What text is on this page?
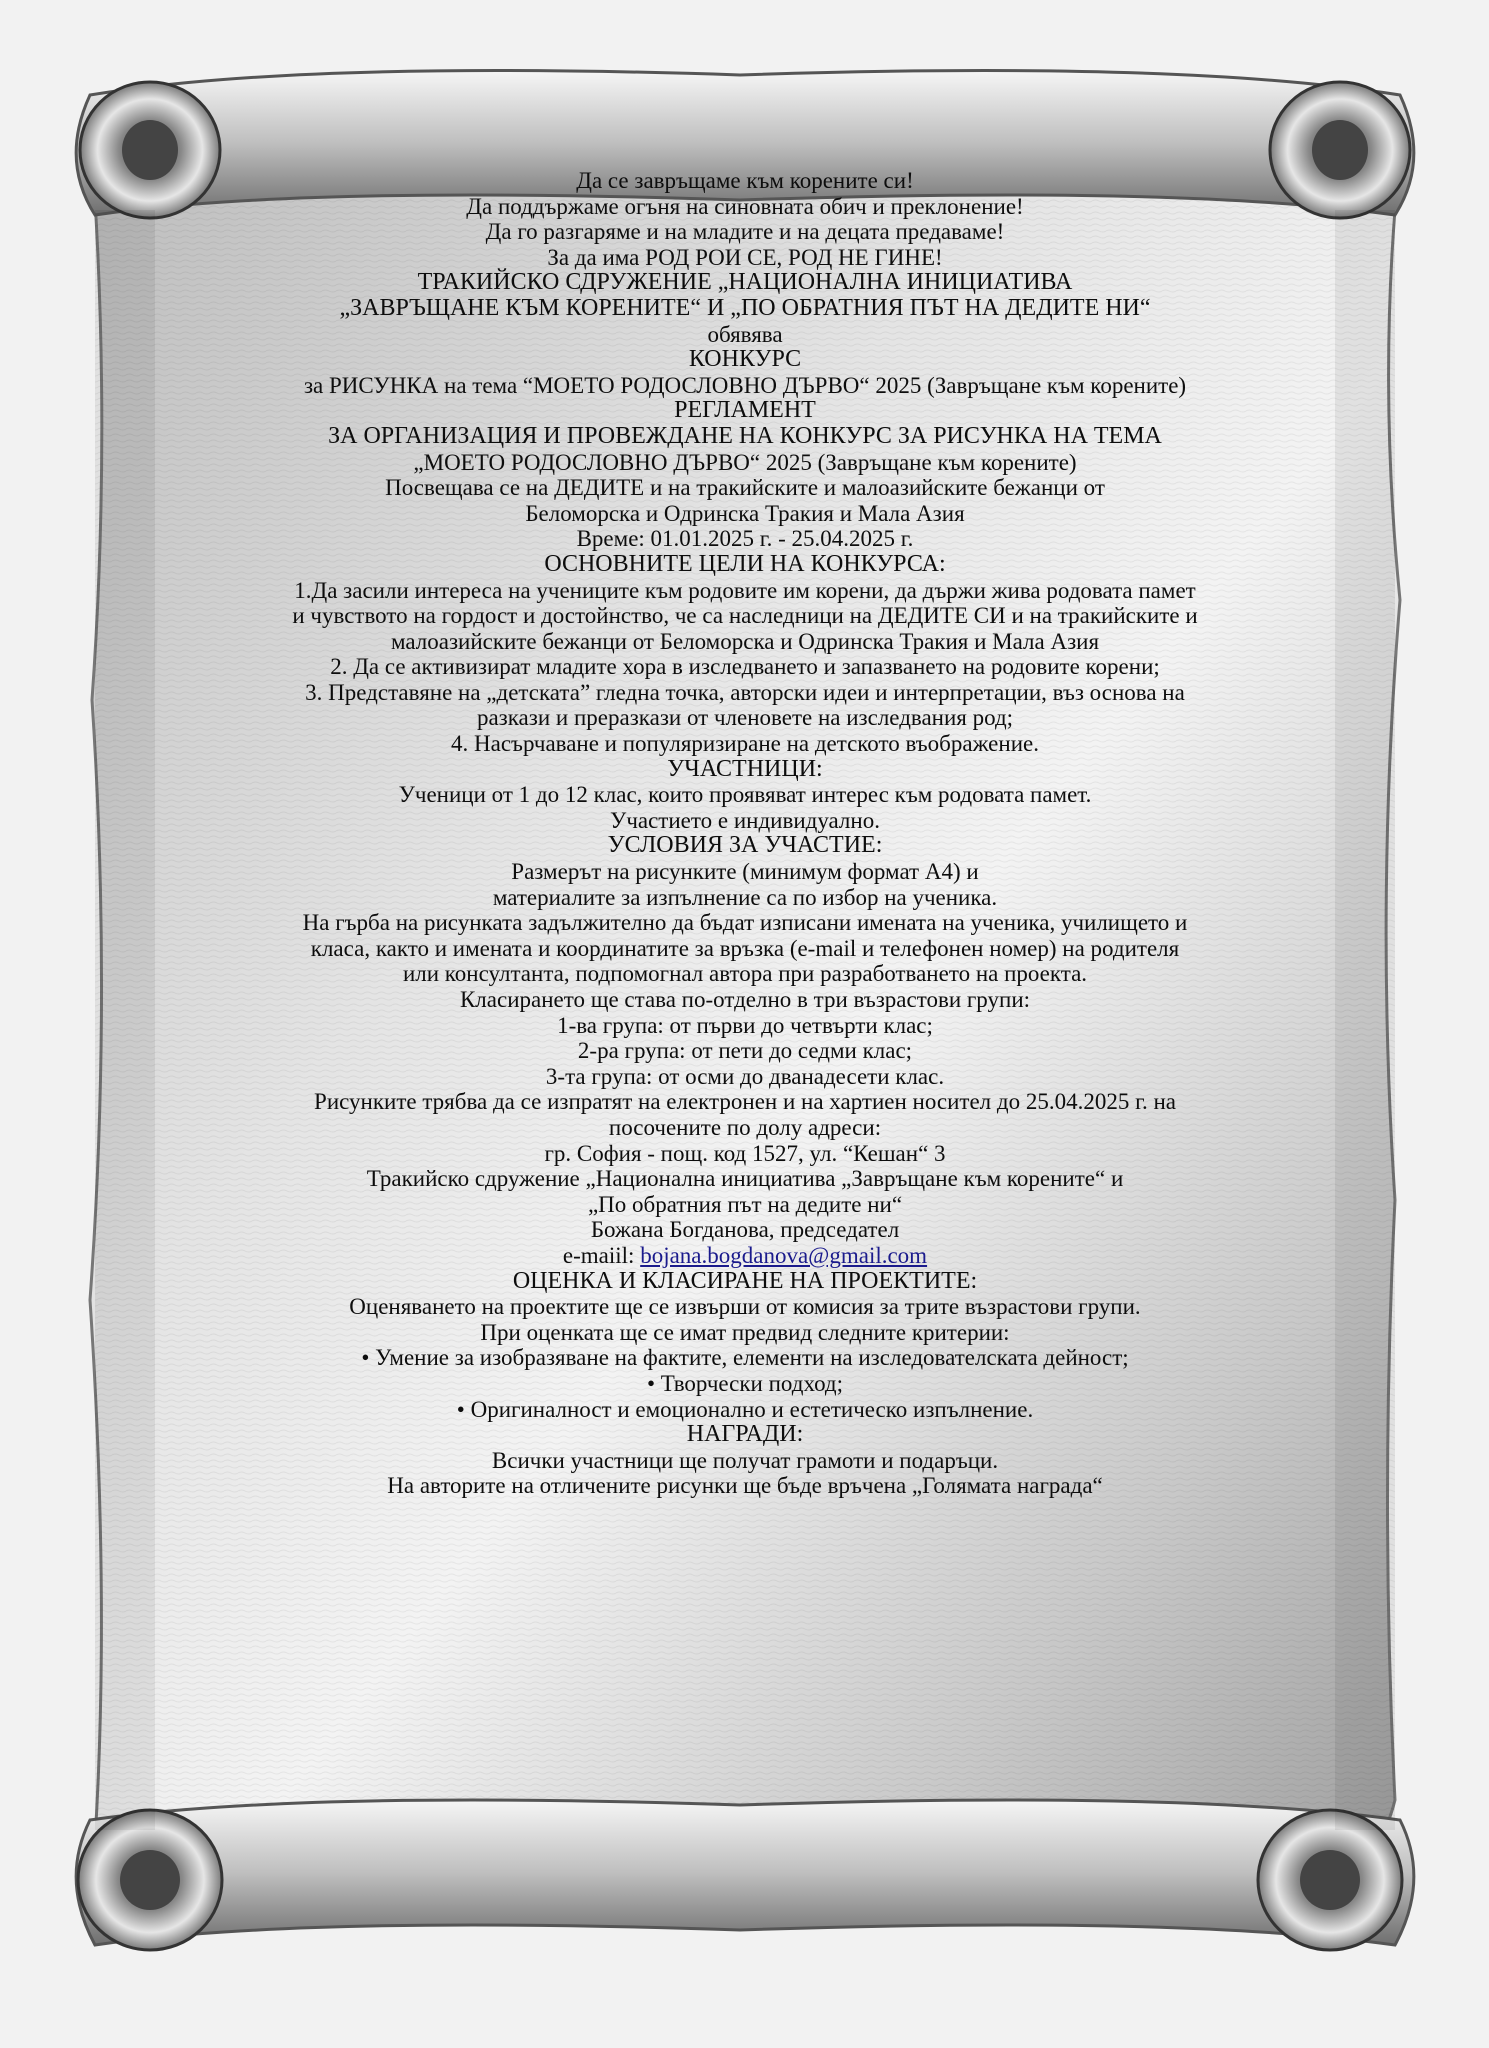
Да се завръщаме към корените си!
Да поддържаме огъня на синовната обич и преклонение!
Да го разгаряме и на младите и на децата предаваме!
За да има РОД РОИ СЕ, РОД НЕ ГИНЕ!
ТРАКИЙСКО СДРУЖЕНИЕ „НАЦИОНАЛНА ИНИЦИАТИВА
„ЗАВРЪЩАНЕ КЪМ КОРЕНИТЕ“ И „ПО ОБРАТНИЯ ПЪТ НА ДЕДИТЕ НИ“
обявява
КОНКУРС
за РИСУНКА на тема “МОЕТО РОДОСЛОВНО ДЪРВО“ 2025 (Завръщане към корените)
РЕГЛАМЕНТ
ЗА ОРГАНИЗАЦИЯ И ПРОВЕЖДАНЕ НА КОНКУРС ЗА РИСУНКА НА ТЕМА
„МОЕТО РОДОСЛОВНО ДЪРВО“ 2025 (Завръщане към корените)
Посвещава се на ДЕДИТЕ и на тракийските и малоазийските бежанци от
Беломорска и Одринска Тракия и Мала Азия
Време: 01.01.2025 г. - 25.04.2025 г.
ОСНОВНИТЕ ЦЕЛИ НА КОНКУРСА:
1.Да засили интереса на учениците към родовите им корени, да държи жива родовата памет
и чувството на гордост и достойнство, че са наследници на ДЕДИТЕ СИ и на тракийските и
малоазийските бежанци от Беломорска и Одринска Тракия и Мала Азия
2. Да се активизират младите хора в изследването и запазването на родовите корени;
3. Представяне на „детската” гледна точка, авторски идеи и интерпретации, въз основа на
разкази и преразкази от членовете на изследвания род;
4. Насърчаване и популяризиране на детското въображение.
УЧАСТНИЦИ:
Ученици от 1 до 12 клас, които проявяват интерес към родовата памет.
Участието е индивидуално.
УСЛОВИЯ ЗА УЧАСТИЕ:
Размерът на рисунките (минимум формат А4) и
материалите за изпълнение са по избор на ученика.
На гърба на рисунката задължително да бъдат изписани имената на ученика, училището и
класа, както и имената и координатите за връзка (e-mail и телефонен номер) на родителя
или консултанта, подпомогнал автора при разработването на проекта.
Класирането ще става по-отделно в три възрастови групи:
1-ва група: от първи до четвърти клас;
2-ра група: от пети до седми клас;
3-та група: от осми до дванадесети клас.
Рисунките трябва да се изпратят на електронен и на хартиен носител до 25.04.2025 г. на
посочените по долу адреси:
гр. София - пощ. код 1527, ул. “Кешан“ 3
Тракийско сдружение „Национална инициатива „Завръщане към корените“ и
„По обратния път на дедите ни“
Божана Богданова, председател
e-maiil: bojana.bogdanova@gmail.com
ОЦЕНКА И КЛАСИРАНЕ НА ПРОЕКТИТЕ:
Оценяването на проектите ще се извърши от комисия за трите възрастови групи.
При оценката ще се имат предвид следните критерии:
• Умение за изобразяване на фактите, елементи на изследователската дейност;
• Творчески подход;
• Оригиналност и емоционално и естетическо изпълнение.
НАГРАДИ:
Всички участници ще получат грамоти и подаръци.
На авторите на отличените рисунки ще бъде връчена „Голямата награда“
